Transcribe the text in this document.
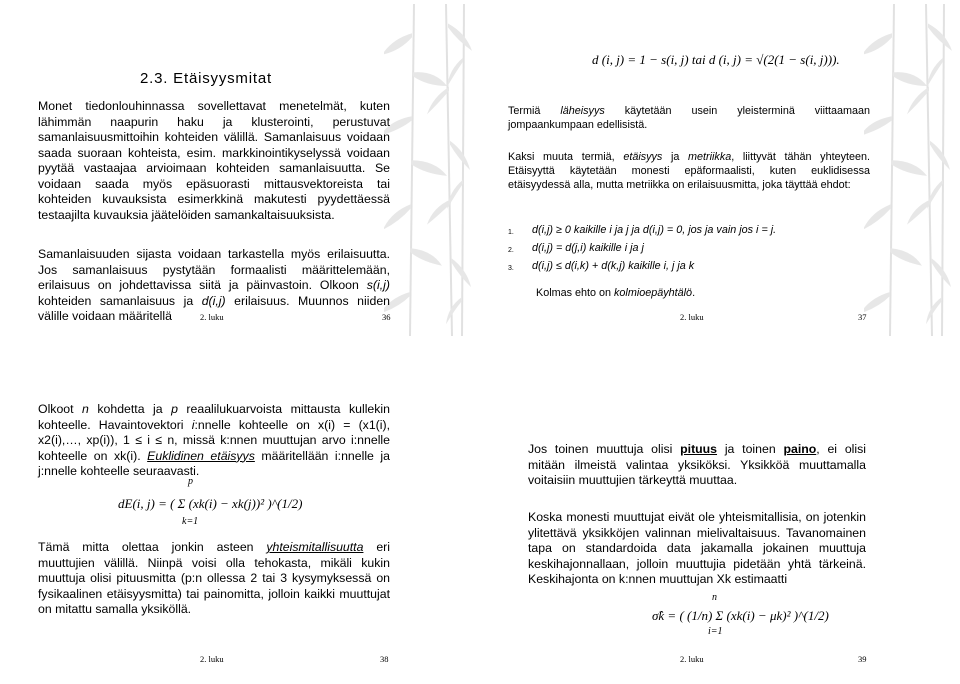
2.3. Etäisyysmitat

Monet tiedonlouhinnassa sovellettavat menetelmät, kuten lähimmän naapurin haku ja klusterointi, perustuvat samanlaisuusmittoihin kohteiden välillä. Samanlaisuus voidaan saada suoraan kohteista, esim. markkinointikyselyssä voidaan pyytää vastaajaa arvioimaan kohteiden samanlaisuutta. Se voidaan saada myös epäsuorasti mittausvektoreista tai kohteiden kuvauksista esimerkkinä makutesti pyydettäessä testaajilta kuvauksia jäätelöiden samankaltaisuuksista.

Samanlaisuuden sijasta voidaan tarkastella myös erilaisuutta. Jos samanlaisuus pystytään formaalisti määrittelemään, erilaisuus on johdettavissa siitä ja päinvastoin. Olkoon s(i,j) kohteiden samanlaisuus ja d(i,j) erilaisuus. Muunnos niiden välille voidaan määritellä	2. luku	36
d (i, j) = 1 − s(i, j) tai d (i, j) = √(2(1 − s(i, j))).

Termiä läheisyys käytetään usein yleisterminä viittaamaan jompaankumpaan edellisistä.

Kaksi muuta termiä, etäisyys ja metriikka, liittyvät tähän yhteyteen. Etäisyyttä käytetään monesti epäformaalisti, kuten euklidisessa etäisyydessä alla, mutta metriikka on erilaisuusmitta, joka täyttää ehdot:

1. d(i,j) ≥ 0 kaikille i ja j ja d(i,j) = 0, jos ja vain jos i = j.
2. d(i,j) = d(j,i) kaikille i ja j
3. d(i,j) ≤ d(i,k) + d(k,j) kaikille i, j ja k

Kolmas ehto on kolmioepäyhtälö.

2. luku	37

Olkoot n kohdetta ja p reaalilukuarvoista mittausta kullekin kohteelle. Havaintovektori i:nnelle kohteelle on x(i) = (x1(i), x2(i),…, xp(i)), 1 ≤ i ≤ n, missä k:nnen muuttujan arvo i:nnelle kohteelle on xk(i). Euklidinen etäisyys määritellään i:nnelle ja j:nnelle kohteelle seuraavasti.

dE(i, j) = ( Σ (xk(i) − xk(j))² )^(1/2)
p
k=1

Tämä mitta olettaa jonkin asteen yhteismitallisuutta eri muuttujien välillä. Niinpä voisi olla tehokasta, mikäli kukin muuttuja olisi pituusmitta (p:n ollessa 2 tai 3 kysymyksessä on fysikaalinen etäisyysmitta) tai painomitta, jolloin kaikki muuttujat on mitattu samalla yksiköllä.

2. luku	38

Jos toinen muuttuja olisi pituus ja toinen paino, ei olisi mitään ilmeistä valintaa yksiköksi. Yksikköä muuttamalla voitaisiin muuttujien tärkeyttä muuttaa.

Koska monesti muuttujat eivät ole yhteismitallisia, on jotenkin ylitettävä yksikköjen valinnan mielivaltaisuus. Tavanomainen tapa on standardoida data jakamalla jokainen muuttuja keskihajonnallaan, jolloin muuttujia pidetään yhtä tärkeinä. Keskihajonta on k:nnen muuttujan Xk estimaatti

σ̂k = ( (1/n) Σ (xk(i) − μk)² )^(1/2)
n
i=1
2. luku	39
